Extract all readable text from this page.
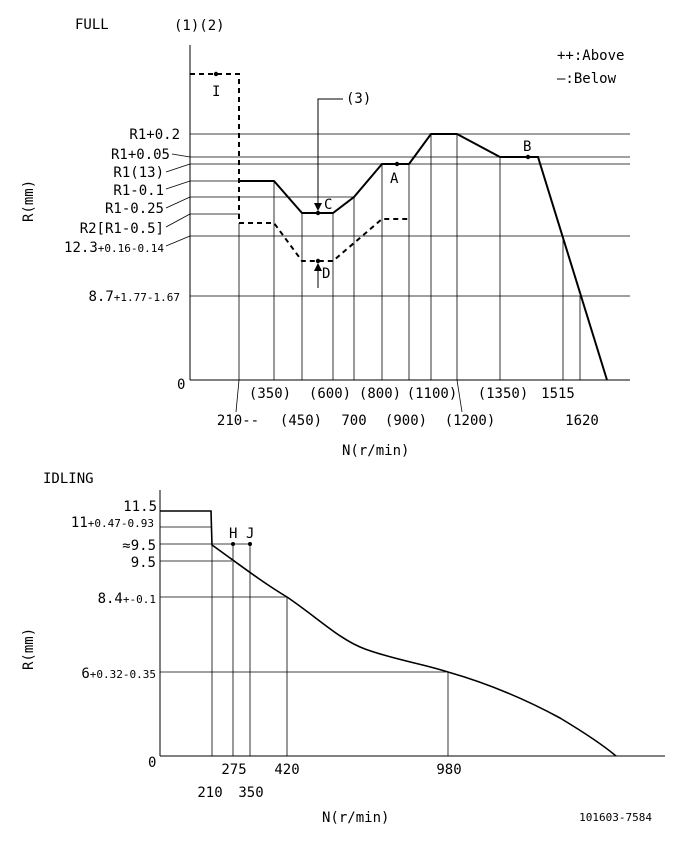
FULL	(1)(2)
++:Above
—:Below
(3)
0
R(mm)
N(r/min)
I
A
B
C
D
R1+0.2
R1+0.05
R1(13)
R1-0.1
R1-0.25
R2[R1-0.5]
12.3+0.16-0.14
8.7+1.77-1.67
(350) (600) (800) (1100) (1350) 1515
210-- (450) 700 (900) (1200)	1620
IDLING
0
R(mm)
N(r/min)
H J
11.5
11+0.47-0.93
≈9.5
9.5
8.4+-0.1
6+0.32-0.35
275 420	980
210 350
101603-7584
